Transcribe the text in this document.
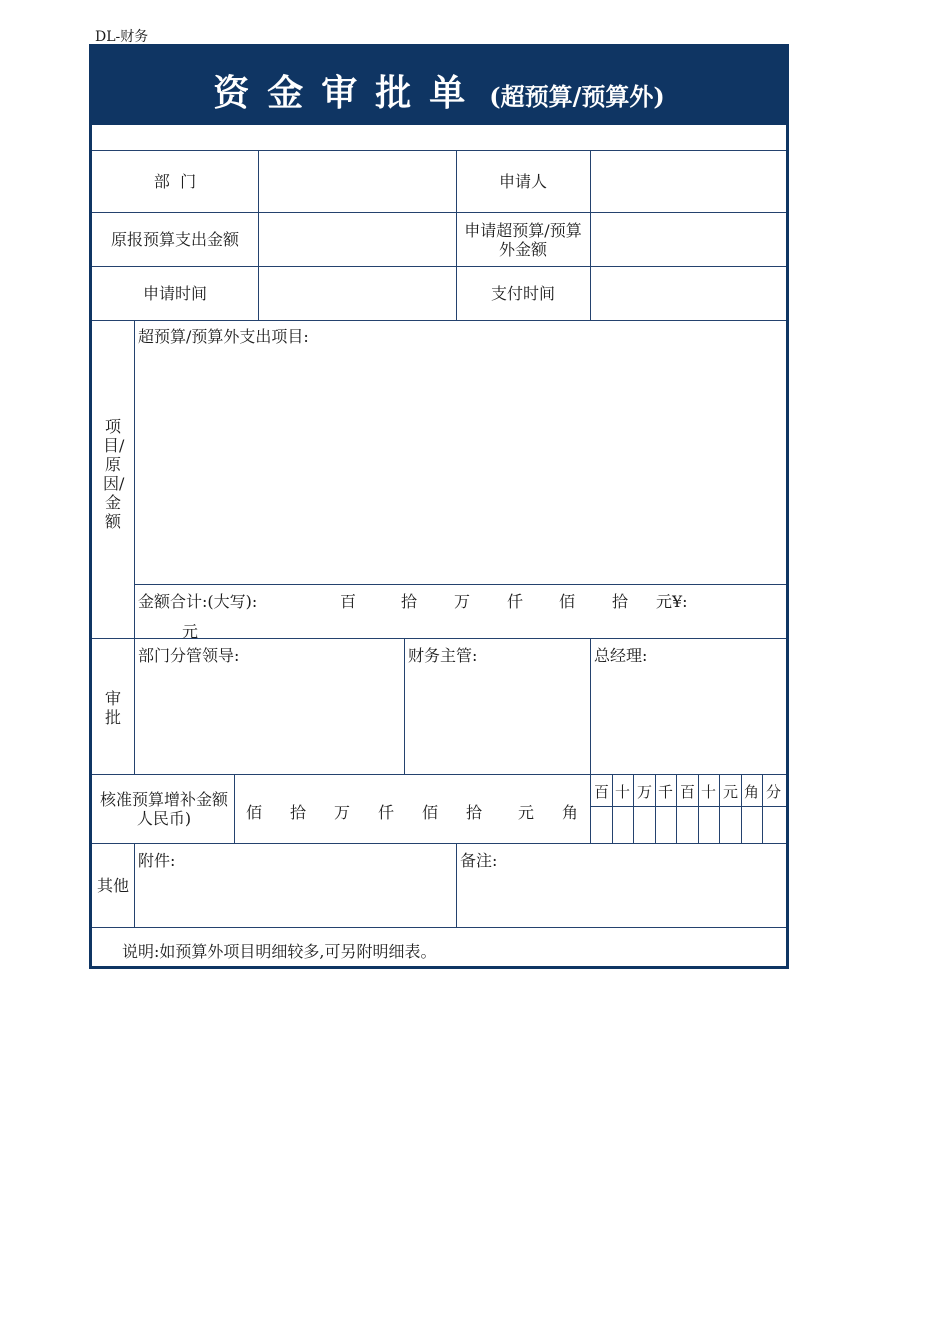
DL-财务
资金审批单 (超预算/预算外)
部  门	申请人
原报预算支出金额	申请超预算/预算外金额
申请时间	支付时间
项目/原因/金额
超预算/预算外支出项目:
金额合计:(大写):	百	拾 万 仟 佰 拾 元¥:
元
审批
部门分管领导:	财务主管:	总经理:
核准预算增补金额人民币)	佰 拾 万 仟 佰 拾 元 角
百 十 万 千 百 十 元 角 分
其他
附件:	备注:
说明:如预算外项目明细较多,可另附明细表。
